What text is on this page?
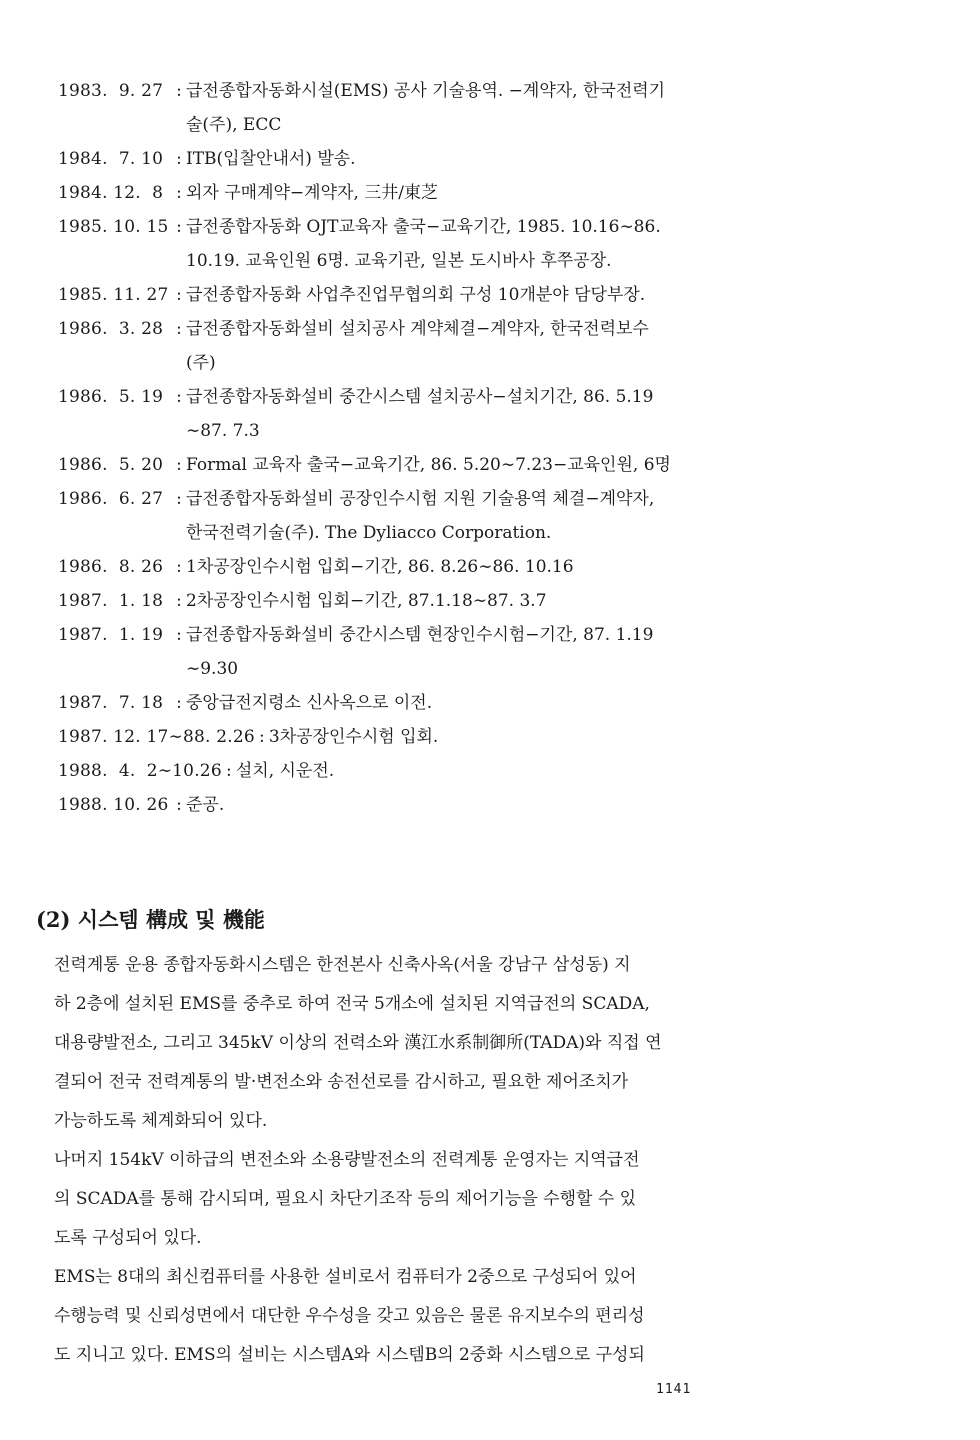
1983.  9. 27 : 급전종합자동화시설(EMS) 공사 기술용역. −계약자, 한국전력기
술(주), ECC
1984.  7. 10 : ITB(입찰안내서) 발송.
1984. 12.  8 : 외자 구매계약−계약자, 三井/東芝
1985. 10. 15 : 급전종합자동화 OJT교육자 출국−교육기간, 1985. 10.16∼86.
10.19. 교육인원 6명. 교육기관, 일본 도시바사 후쭈공장.
1985. 11. 27 : 급전종합자동화 사업추진업무협의회 구성 10개분야 담당부장.
1986.  3. 28 : 급전종합자동화설비 설치공사 계약체결−계약자, 한국전력보수
(주)
1986.  5. 19 : 급전종합자동화설비 중간시스템 설치공사−설치기간, 86. 5.19
∼87. 7.3
1986.  5. 20 : Formal 교육자 출국−교육기간, 86. 5.20∼7.23−교육인원, 6명
1986.  6. 27 : 급전종합자동화설비 공장인수시험 지원 기술용역 체결−계약자,
한국전력기술(주). The Dyliacco Corporation.
1986.  8. 26 : 1차공장인수시험 입회−기간, 86. 8.26∼86. 10.16
1987.  1. 18 : 2차공장인수시험 입회−기간, 87.1.18∼87. 3.7
1987.  1. 19 : 급전종합자동화설비 중간시스템 현장인수시험−기간, 87. 1.19
∼9.30
1987.  7. 18 : 중앙급전지령소 신사옥으로 이전.
1987. 12. 17∼88. 2.26 : 3차공장인수시험 입회.
1988.  4.  2∼10.26 : 설치, 시운전.
1988. 10. 26 : 준공.
(2) 시스템 構成 및 機能

전력계통 운용 종합자동화시스템은 한전본사 신축사옥(서울 강남구 삼성동) 지
하 2층에 설치된 EMS를 중추로 하여 전국 5개소에 설치된 지역급전의 SCADA,
대용량발전소, 그리고 345kV 이상의 전력소와 漢江水系制御所(TADA)와 직접 연
결되어 전국 전력계통의 발·변전소와 송전선로를 감시하고, 필요한 제어조치가
가능하도록 체계화되어 있다.

나머지 154kV 이하급의 변전소와 소용량발전소의 전력계통 운영자는 지역급전
의 SCADA를 통해 감시되며, 필요시 차단기조작 등의 제어기능을 수행할 수 있
도록 구성되어 있다.

EMS는 8대의 최신컴퓨터를 사용한 설비로서 컴퓨터가 2중으로 구성되어 있어
수행능력 및 신뢰성면에서 대단한 우수성을 갖고 있음은 물론 유지보수의 편리성
도 지니고 있다. EMS의 설비는 시스템A와 시스템B의 2중화 시스템으로 구성되

1141
